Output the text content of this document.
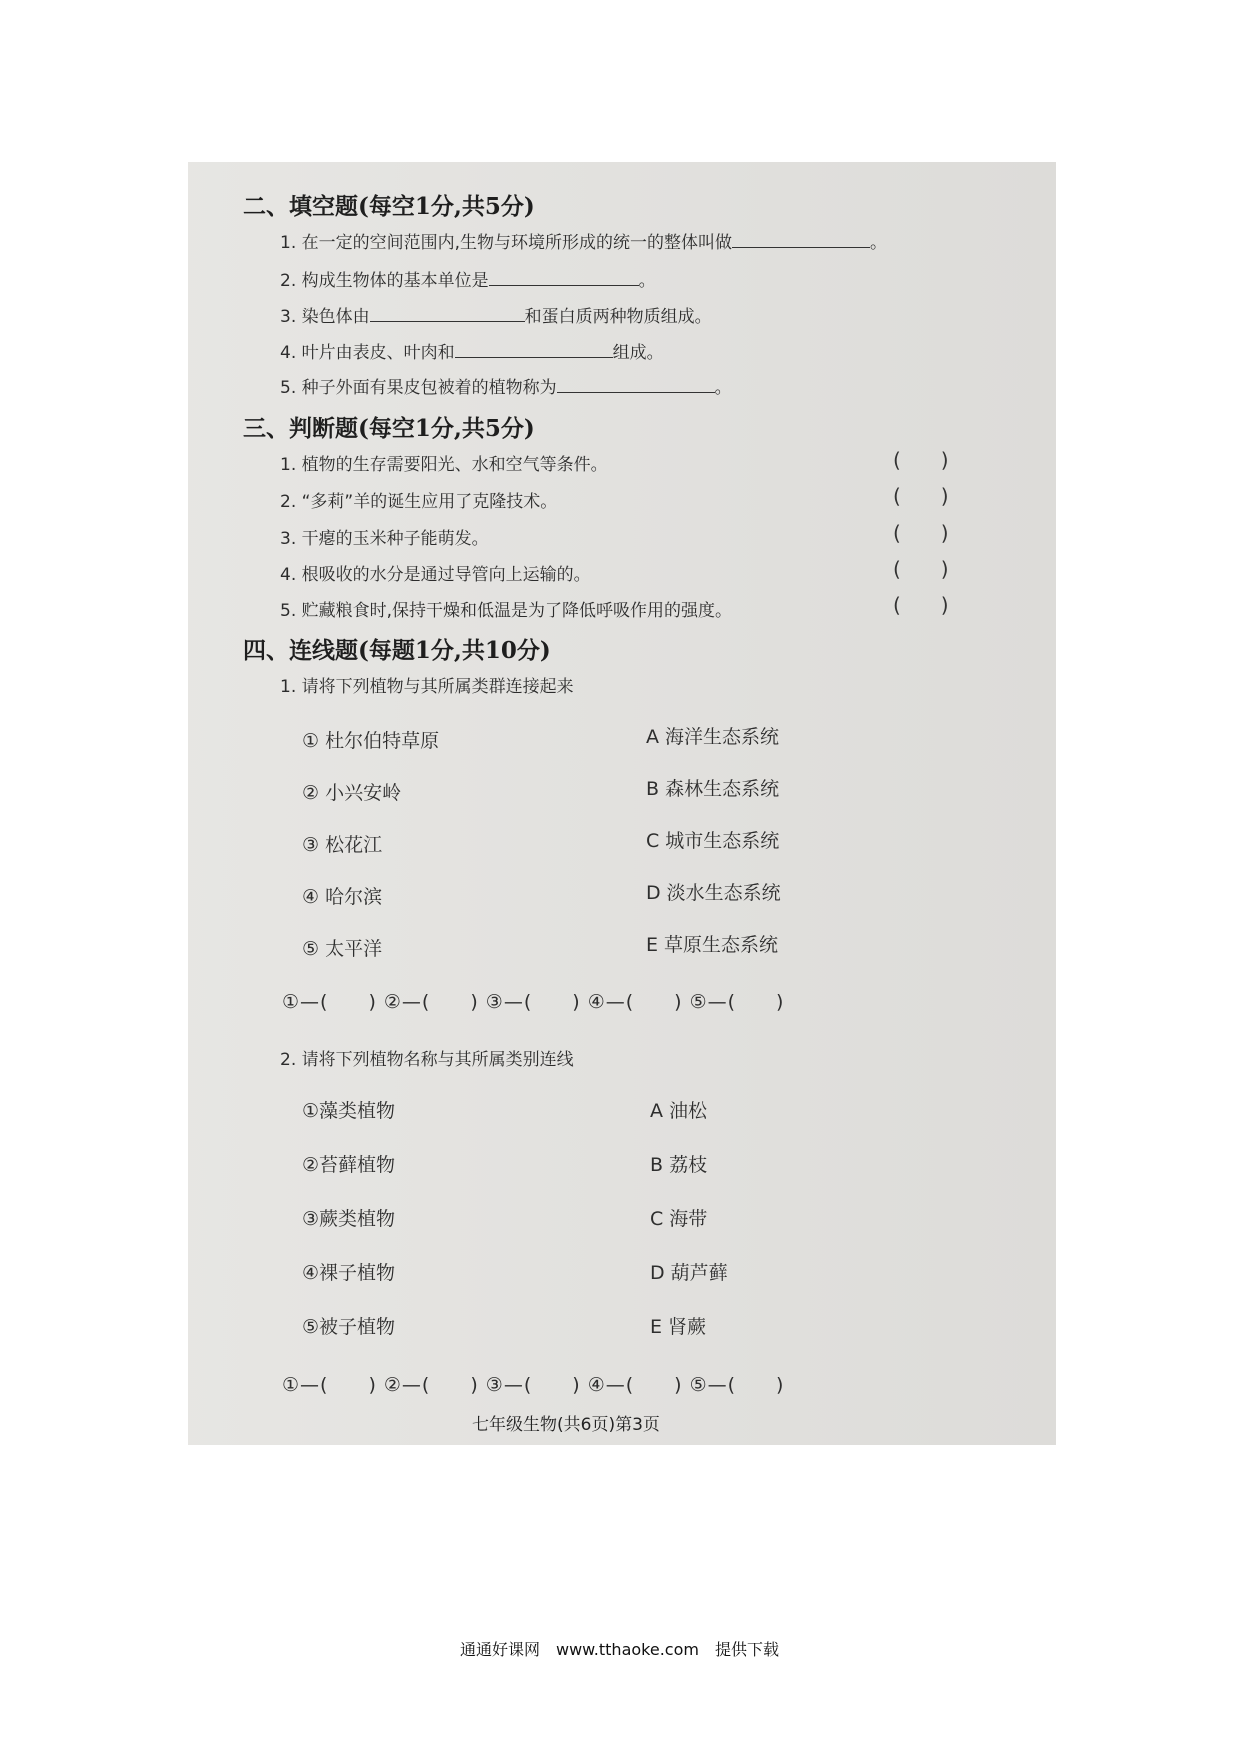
二、填空题(每空1分,共5分)
1. 在一定的空间范围内,生物与环境所形成的统一的整体叫做	。
2. 构成生物体的基本单位是	。
3. 染色体由	和蛋白质两种物质组成。
4. 叶片由表皮、叶肉和	组成。
5. 种子外面有果皮包被着的植物称为	。
三、判断题(每空1分,共5分)
1. 植物的生存需要阳光、水和空气等条件。	(　　)
2. “多莉”羊的诞生应用了克隆技术。	(　　)
3. 干瘪的玉米种子能萌发。	(　　)
4. 根吸收的水分是通过导管向上运输的。	(　　)
5. 贮藏粮食时,保持干燥和低温是为了降低呼吸作用的强度。	(　　)
四、连线题(每题1分,共10分)
1. 请将下列植物与其所属类群连接起来
① 杜尔伯特草原	A 海洋生态系统
② 小兴安岭	B 森林生态系统
③ 松花江	C 城市生态系统
④ 哈尔滨	D 淡水生态系统
⑤ 太平洋	E 草原生态系统
①—(　　) ②—(　　) ③—(　　) ④—(　　) ⑤—(　　)
2. 请将下列植物名称与其所属类别连线
①藻类植物	A 油松
②苔藓植物	B 荔枝
③蕨类植物	C 海带
④裸子植物	D 葫芦藓
⑤被子植物	E 肾蕨
①—(　　) ②—(　　) ③—(　　) ④—(　　) ⑤—(　　)
七年级生物(共6页)第3页
通通好课网　www.tthaoke.com　提供下载
